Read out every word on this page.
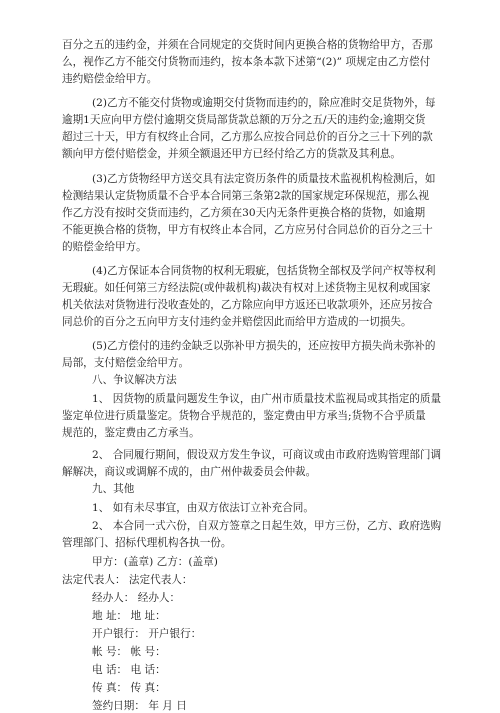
百分之五的违约金，并须在合同规定的交货时间内更换合格的货物给甲方，否那
么，视作乙方不能交付货物而违约，按本条本款下述第“(2)” 项规定由乙方偿付
违约赔偿金给甲方。
(2)乙方不能交付货物或逾期交付货物而违约的，除应准时交足货物外，每
逾期1天应向甲方偿付逾期交货局部货款总额的万分之五/天的违约金;逾期交货
超过三十天，甲方有权终止合同，乙方那么应按合同总价的百分之三十下列的款
额向甲方偿付赔偿金，并须全额退还甲方已经付给乙方的货款及其利息。
(3)乙方货物经甲方送交具有法定资历条件的质量技术监视机构检测后，如
检测结果认定货物质量不合乎本合同第三条第2款的国家规定环保规范，那么视
作乙方没有按时交货而违约，乙方须在30天内无条件更换合格的货物，如逾期
不能更换合格的货物，甲方有权终止本合同，乙方应另付合同总价的百分之三十
的赔偿金给甲方。
(4)乙方保证本合同货物的权利无瑕疵，包括货物全部权及学问产权等权利
无瑕疵。如任何第三方经法院(或仲裁机构)裁决有权对上述货物主见权利或国家
机关依法对货物进行没收查处的，乙方除应向甲方返还已收款项外，还应另按合
同总价的百分之五向甲方支付违约金并赔偿因此而给甲方造成的一切损失。
(5)乙方偿付的违约金缺乏以弥补甲方损失的，还应按甲方损失尚未弥补的
局部，支付赔偿金给甲方。
八、争议解决方法
1、 因货物的质量问题发生争议，由广州市质量技术监视局或其指定的质量
鉴定单位进行质量鉴定。货物合乎规范的，鉴定费由甲方承当;货物不合乎质量
规范的，鉴定费由乙方承当。
2、 合同履行期间，假设双方发生争议，可商议或由市政府选购管理部门调
解解决，商议或调解不成的，由广州仲裁委员会仲裁。
九、其他
1、 如有未尽事宜，由双方依法订立补充合同。
2、 本合同一式六份，自双方签章之日起生效，甲方三份，乙方、政府选购
管理部门、招标代理机构各执一份。
甲方：(盖章) 乙方：(盖章)
法定代表人： 法定代表人：
经办人： 经办人：
地 址： 地 址：
开户银行： 开户银行：
帐 号： 帐 号：
电 话： 电 话：
传 真： 传 真：
签约日期： 年 月 日
